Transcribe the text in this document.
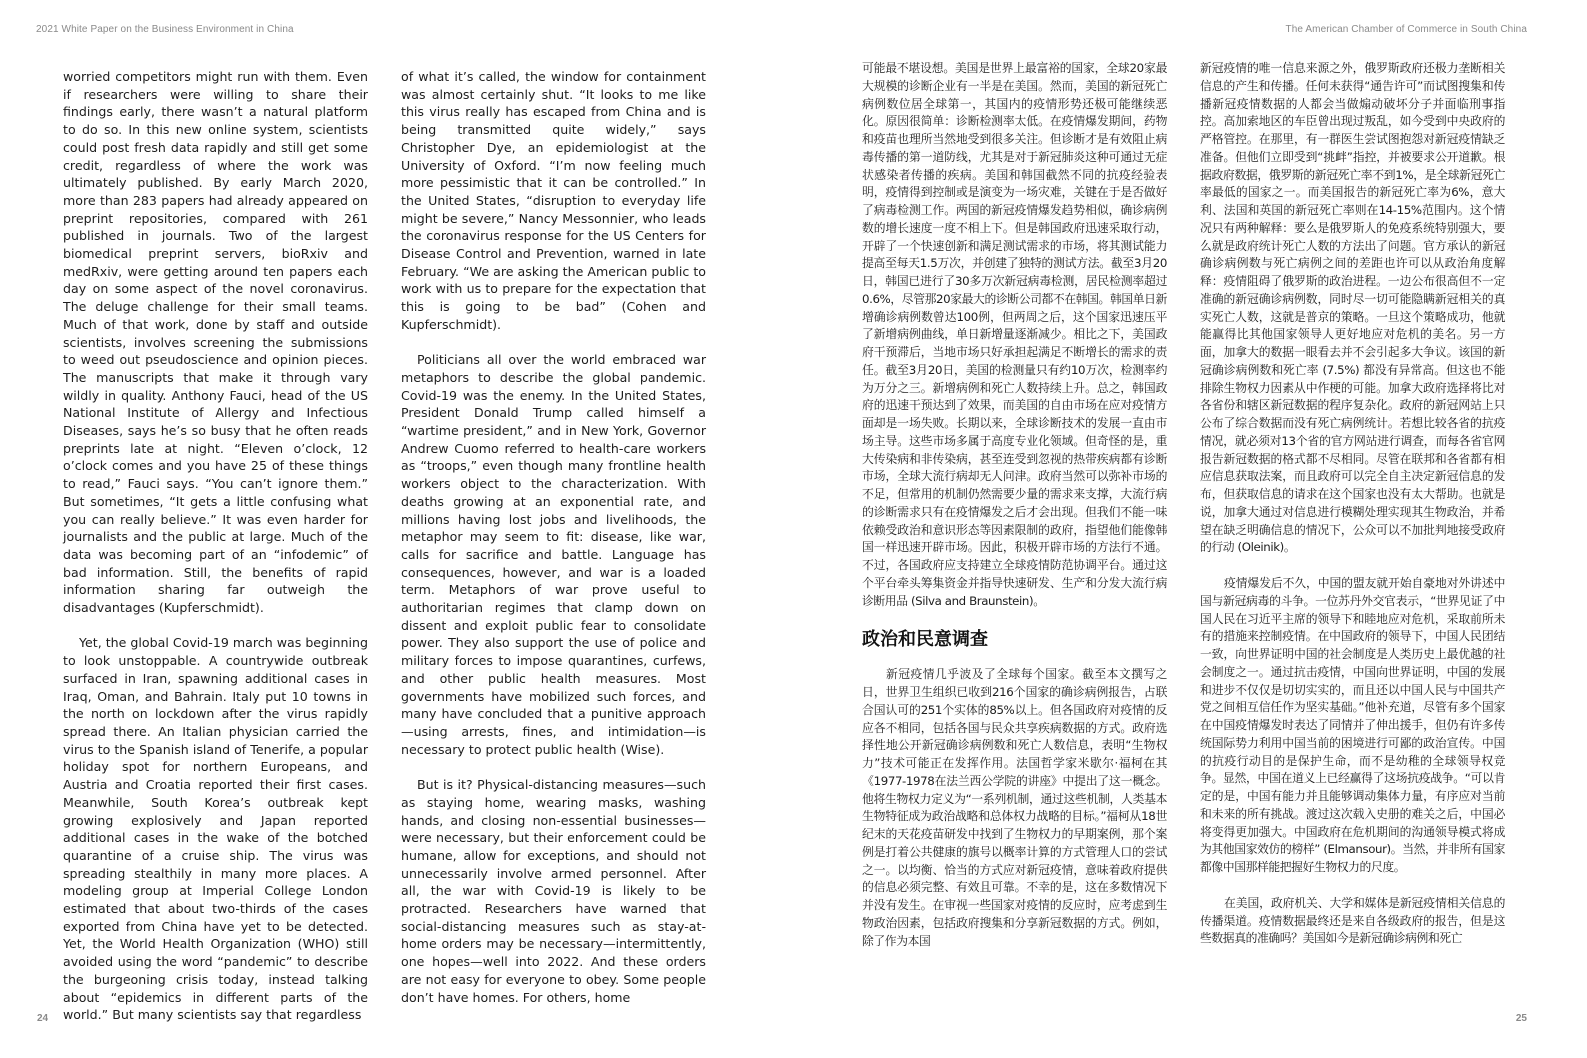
2021 White Paper on the Business Environment in China	The American Chamber of Commerce in South China

worried competitors might run with them. Even if researchers were willing to share their findings early, there wasn’t a natural platform to do so. In this new online system, scientists could post fresh data rapidly and still get some credit, regardless of where the work was ultimately published. By early March 2020, more than 283 papers had already appeared on preprint repositories, compared with 261 published in journals. Two of the largest biomedical preprint servers, bioRxiv and medRxiv, were getting around ten papers each day on some aspect of the novel coronavirus. The deluge challenge for their small teams. Much of that work, done by staff and outside scientists, involves screening the submissions to weed out pseudoscience and opinion pieces. The manuscripts that make it through vary wildly in quality. Anthony Fauci, head of the US National Institute of Allergy and Infectious Diseases, says he’s so busy that he often reads preprints late at night. “Eleven o’clock, 12 o’clock comes and you have 25 of these things to read,” Fauci says. “You can’t ignore them.” But sometimes, “It gets a little confusing what you can really believe.” It was even harder for journalists and the public at large. Much of the data was becoming part of an “infodemic” of bad information. Still, the benefits of rapid information sharing far outweigh the disadvantages (Kupferschmidt).

Yet, the global Covid-19 march was beginning to look unstoppable. A countrywide outbreak surfaced in Iran, spawning additional cases in Iraq, Oman, and Bahrain. Italy put 10 towns in the north on lockdown after the virus rapidly spread there. An Italian physician carried the virus to the Spanish island of Tenerife, a popular holiday spot for northern Europeans, and Austria and Croatia reported their first cases. Meanwhile, South Korea’s outbreak kept growing explosively and Japan reported additional cases in the wake of the botched quarantine of a cruise ship. The virus was spreading stealthily in many more places. A modeling group at Imperial College London estimated that about two-thirds of the cases exported from China have yet to be detected. Yet, the World Health Organization (WHO) still avoided using the word “pandemic” to describe the burgeoning crisis today, instead talking about “epidemics in different parts of the world.” But many scientists say that regardless

of what it’s called, the window for containment was almost certainly shut. “It looks to me like this virus really has escaped from China and is being transmitted quite widely,” says Christopher Dye, an epidemiologist at the University of Oxford. “I’m now feeling much more pessimistic that it can be controlled.” In the United States, “disruption to everyday life might be severe,” Nancy Messonnier, who leads the coronavirus response for the US Centers for Disease Control and Prevention, warned in late February. “We are asking the American public to work with us to prepare for the expectation that this is going to be bad” (Cohen and Kupferschmidt).

Politicians all over the world embraced war metaphors to describe the global pandemic. Covid-19 was the enemy. In the United States, President Donald Trump called himself a “wartime president,” and in New York, Governor Andrew Cuomo referred to health-care workers as “troops,” even though many frontline health workers object to the characterization. With deaths growing at an exponential rate, and millions having lost jobs and livelihoods, the metaphor may seem to fit: disease, like war, calls for sacrifice and battle. Language has consequences, however, and war is a loaded term. Metaphors of war prove useful to authoritarian regimes that clamp down on dissent and exploit public fear to consolidate power. They also support the use of police and military forces to impose quarantines, curfews, and other public health measures. Most governments have mobilized such forces, and many have concluded that a punitive approach—using arrests, fines, and intimidation—is necessary to protect public health (Wise).

But is it? Physical-distancing measures—such as staying home, wearing masks, washing hands, and closing non-essential businesses—were necessary, but their enforcement could be humane, allow for exceptions, and should not unnecessarily involve armed personnel. After all, the war with Covid-19 is likely to be protracted. Researchers have warned that social-distancing measures such as stay-at-home orders may be necessary—intermittently, one hopes—well into 2022. And these orders are not easy for everyone to obey. Some people don’t have homes. For others, home

可能最不堪设想。美国是世界上最富裕的国家，全球20家最大规模的诊断企业有一半是在美国。然而，美国的新冠死亡病例数位居全球第一，其国内的疫情形势还极可能继续恶化。原因很简单：诊断检测率太低。在疫情爆发期间，药物和疫苗也理所当然地受到很多关注。但诊断才是有效阻止病毒传播的第一道防线，尤其是对于新冠肺炎这种可通过无症状感染者传播的疾病。美国和韩国截然不同的抗疫经验表明，疫情得到控制或是演变为一场灾难，关键在于是否做好了病毒检测工作。两国的新冠疫情爆发趋势相似，确诊病例数的增长速度一度不相上下。但是韩国政府迅速采取行动，开辟了一个快速创新和满足测试需求的市场，将其测试能力提高至每天1.5万次，并创建了独特的测试方法。截至3月20日，韩国已进行了30多万次新冠病毒检测，居民检测率超过0.6%，尽管那20家最大的诊断公司都不在韩国。韩国单日新增确诊病例数曾达100例，但两周之后，这个国家迅速压平了新增病例曲线，单日新增量逐渐减少。相比之下，美国政府干预滞后，当地市场只好承担起满足不断增长的需求的责任。截至3月20日，美国的检测量只有约10万次，检测率约为万分之三。新增病例和死亡人数持续上升。总之，韩国政府的迅速干预达到了效果，而美国的自由市场在应对疫情方面却是一场失败。长期以来，全球诊断技术的发展一直由市场主导。这些市场多属于高度专业化领域。但奇怪的是，重大传染病和非传染病，甚至连受到忽视的热带疾病都有诊断市场，全球大流行病却无人问津。政府当然可以弥补市场的不足，但常用的机制仍然需要少量的需求来支撑，大流行病的诊断需求只有在疫情爆发之后才会出现。但我们不能一味依赖受政治和意识形态等因素限制的政府，指望他们能像韩国一样迅速开辟市场。因此，积极开辟市场的方法行不通。不过，各国政府应支持建立全球疫情防范协调平台。通过这个平台牵头筹集资金并指导快速研发、生产和分发大流行病诊断用品 (Silva and Braunstein)。

政治和民意调查

新冠疫情几乎波及了全球每个国家。截至本文撰写之日，世界卫生组织已收到216个国家的确诊病例报告，占联合国认可的251个实体的85%以上。但各国政府对疫情的反应各不相同，包括各国与民众共享疾病数据的方式。政府选择性地公开新冠确诊病例数和死亡人数信息，表明“生物权力”技术可能正在发挥作用。法国哲学家米歇尔·福柯在其《1977-1978在法兰西公学院的讲座》中提出了这一概念。他将生物权力定义为“一系列机制，通过这些机制，人类基本生物特征成为政治战略和总体权力战略的目标。”福柯从18世纪末的天花疫苗研发中找到了生物权力的早期案例，那个案例是打着公共健康的旗号以概率计算的方式管理人口的尝试之一。以均衡、恰当的方式应对新冠疫情，意味着政府提供的信息必须完整、有效且可靠。不幸的是，这在多数情况下并没有发生。在审视一些国家对疫情的反应时，应考虑到生物政治因素，包括政府搜集和分享新冠数据的方式。例如，除了作为本国

新冠疫情的唯一信息来源之外，俄罗斯政府还极力垄断相关信息的产生和传播。任何未获得“通告许可”而试图搜集和传播新冠疫情数据的人都会当做煽动破坏分子并面临刑事指控。高加索地区的车臣曾出现过叛乱，如今受到中央政府的严格管控。在那里，有一群医生尝试图抱怨对新冠疫情缺乏准备。但他们立即受到“挑衅”指控，并被要求公开道歉。根据政府数据，俄罗斯的新冠死亡率不到1%，是全球新冠死亡率最低的国家之一。而美国报告的新冠死亡率为6%，意大利、法国和英国的新冠死亡率则在14-15%范围内。这个情况只有两种解释：要么是俄罗斯人的免疫系统特别强大，要么就是政府统计死亡人数的方法出了问题。官方承认的新冠确诊病例数与死亡病例之间的差距也许可以从政治角度解释：疫情阻碍了俄罗斯的政治进程。一边公布很高但不一定准确的新冠确诊病例数，同时尽一切可能隐瞒新冠相关的真实死亡人数，这就是普京的策略。一旦这个策略成功，他就能赢得比其他国家领导人更好地应对危机的美名。另一方面，加拿大的数据一眼看去并不会引起多大争议。该国的新冠确诊病例数和死亡率 (7.5%) 都没有异常高。但这也不能排除生物权力因素从中作梗的可能。加拿大政府选择将比对各省份和辖区新冠数据的程序复杂化。政府的新冠网站上只公布了综合数据而没有死亡病例统计。若想比较各省的抗疫情况，就必须对13个省的官方网站进行调查，而每各省官网报告新冠数据的格式都不尽相同。尽管在联邦和各省都有相应信息获取法案，而且政府可以完全自主决定新冠信息的发布，但获取信息的请求在这个国家也没有太大帮助。也就是说，加拿大通过对信息进行模糊处理实现其生物政治，并希望在缺乏明确信息的情况下，公众可以不加批判地接受政府的行动 (Oleinik)。

疫情爆发后不久，中国的盟友就开始自豪地对外讲述中国与新冠病毒的斗争。一位苏丹外交官表示，“世界见证了中国人民在习近平主席的领导下和睦地应对危机，采取前所未有的措施来控制疫情。在中国政府的领导下，中国人民团结一致，向世界证明中国的社会制度是人类历史上最优越的社会制度之一。通过抗击疫情，中国向世界证明，中国的发展和进步不仅仅是切切实实的，而且还以中国人民与中国共产党之间相互信任作为坚实基础。”他补充道，尽管有多个国家在中国疫情爆发时表达了同情并了伸出援手，但仍有许多传统国际势力利用中国当前的困境进行可鄙的政治宣传。中国的抗疫行动目的是保护生命，而不是幼稚的全球领导权竞争。显然，中国在道义上已经赢得了这场抗疫战争。“可以肯定的是，中国有能力并且能够调动集体力量，有序应对当前和未来的所有挑战。渡过这次载入史册的难关之后，中国必将变得更加强大。中国政府在危机期间的沟通领导模式将成为其他国家效仿的榜样” (Elmansour)。当然，并非所有国家都像中国那样能把握好生物权力的尺度。

在美国，政府机关、大学和媒体是新冠疫情相关信息的传播渠道。疫情数据最终还是来自各级政府的报告，但是这些数据真的准确吗？美国如今是新冠确诊病例和死亡

24	25
